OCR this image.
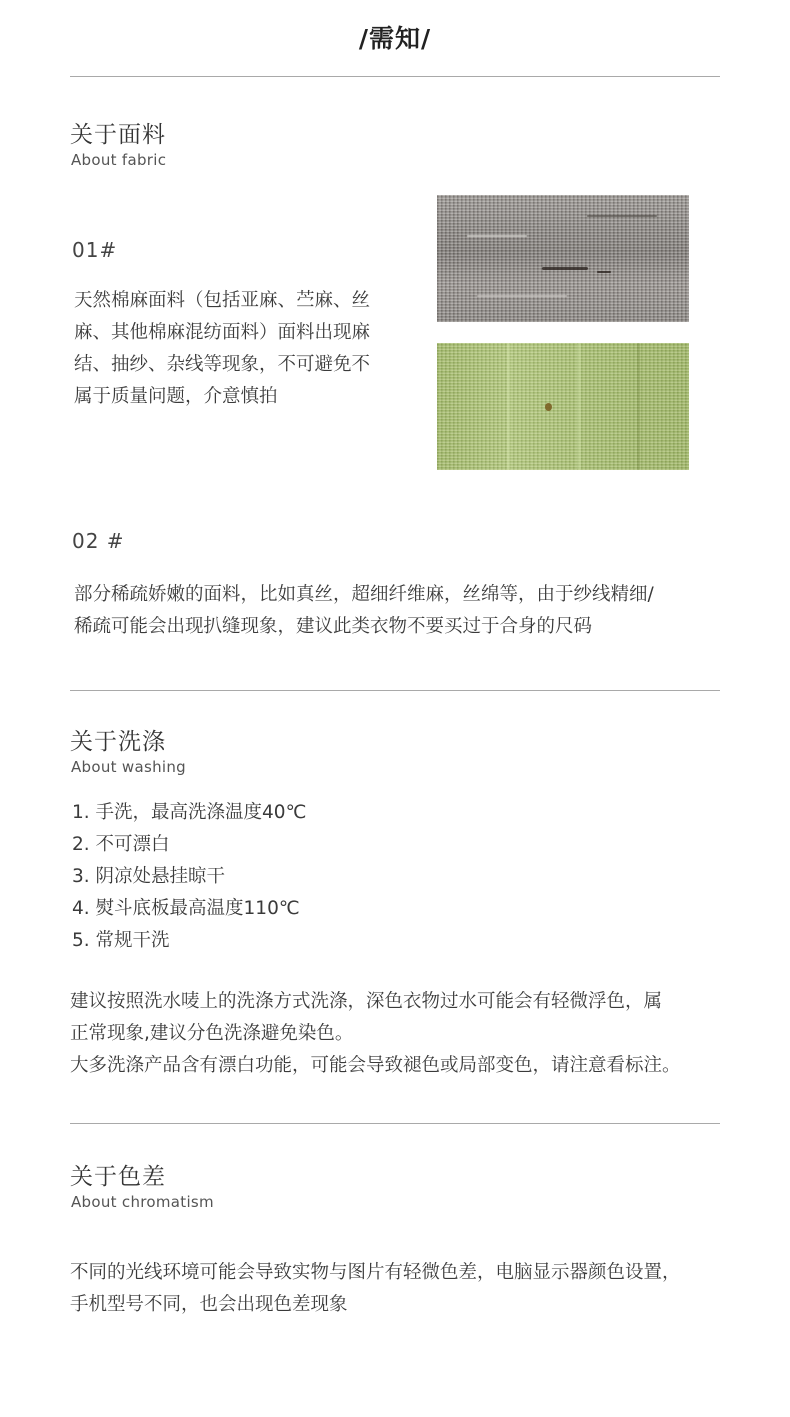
/需知/
关于面料
About fabric
01#
天然棉麻面料（包括亚麻、苎麻、丝
麻、其他棉麻混纺面料）面料出现麻
结、抽纱、杂线等现象，不可避免不
属于质量问题，介意慎拍
02 #
部分稀疏娇嫩的面料，比如真丝，超细纤维麻，丝绵等，由于纱线精细/
稀疏可能会出现扒缝现象，建议此类衣物不要买过于合身的尺码
关于洗涤
About washing
1. 手洗，最高洗涤温度40℃
2. 不可漂白
3. 阴凉处悬挂晾干
4. 熨斗底板最高温度110℃
5. 常规干洗
建议按照洗水唛上的洗涤方式洗涤，深色衣物过水可能会有轻微浮色，属
正常现象,建议分色洗涤避免染色。
大多洗涤产品含有漂白功能，可能会导致褪色或局部变色，请注意看标注。
关于色差
About chromatism
不同的光线环境可能会导致实物与图片有轻微色差，电脑显示器颜色设置，
手机型号不同，也会出现色差现象
